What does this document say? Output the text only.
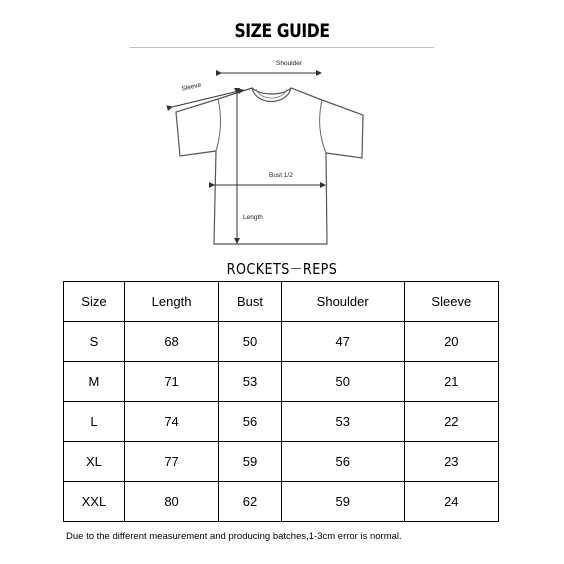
SIZE GUIDE
Shoulder
Sleeve
Bust 1/2
Length
ROCKETS－REPS
Size	Length	Bust	Shoulder	Sleeve
S	68	50	47	20
M	71	53	50	21
L	74	56	53	22
XL	77	59	56	23
XXL	80	62	59	24
Due to the different measurement and producing batches,1-3cm error is normal.
